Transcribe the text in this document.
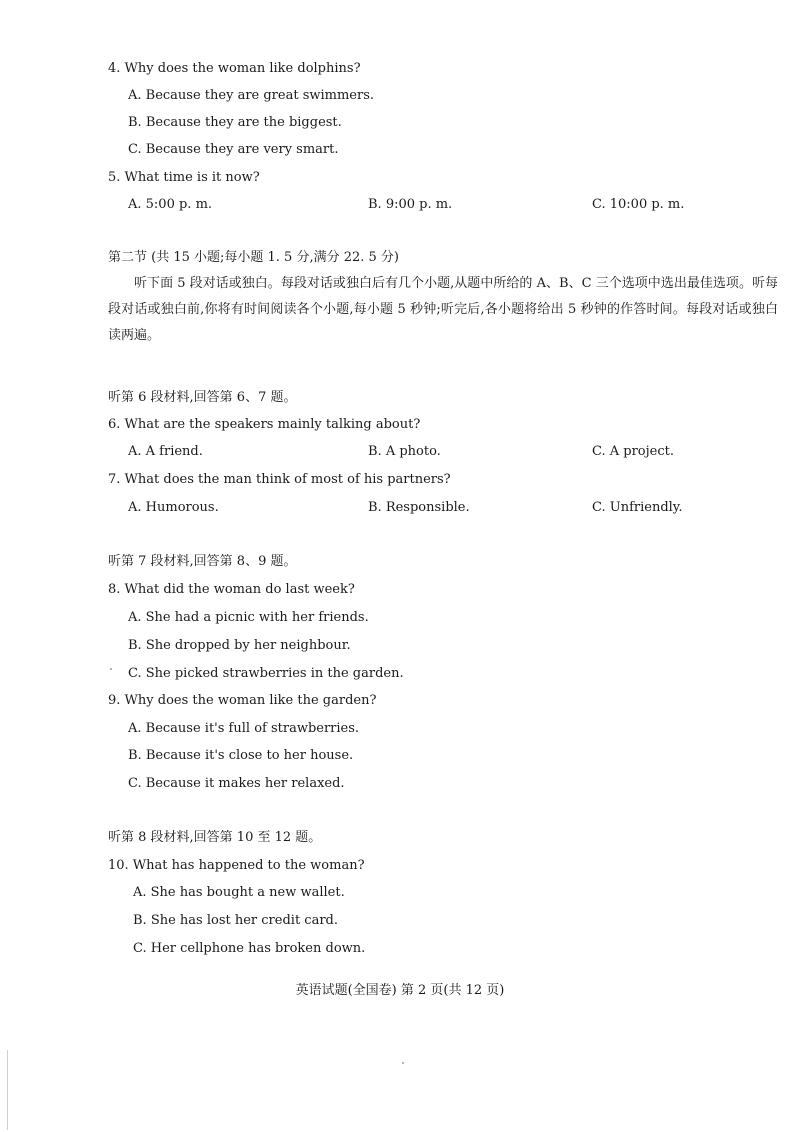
4. Why does the woman like dolphins?
A. Because they are great swimmers.
B. Because they are the biggest.
C. Because they are very smart.
5. What time is it now?
A. 5:00 p. m.	B. 9:00 p. m.	C. 10:00 p. m.
第二节 (共 15 小题;每小题 1. 5 分,满分 22. 5 分)
听下面 5 段对话或独白。每段对话或独白后有几个小题,从题中所给的 A、B、C 三个选项中选出最佳选项。听每段对话或独白前,你将有时间阅读各个小题,每小题 5 秒钟;听完后,各小题将给出 5 秒钟的作答时间。每段对话或独白读两遍。
听第 6 段材料,回答第 6、7 题。
6. What are the speakers mainly talking about?
A. A friend.	B. A photo.	C. A project.
7. What does the man think of most of his partners?
A. Humorous.	B. Responsible.	C. Unfriendly.
听第 7 段材料,回答第 8、9 题。
8. What did the woman do last week?
A. She had a picnic with her friends.
B. She dropped by her neighbour.
C. She picked strawberries in the garden.
9. Why does the woman like the garden?
A. Because it's full of strawberries.
B. Because it's close to her house.
C. Because it makes her relaxed.
听第 8 段材料,回答第 10 至 12 题。
10. What has happened to the woman?
A. She has bought a new wallet.
B. She has lost her credit card.
C. Her cellphone has broken down.
英语试题(全国卷) 第 2 页(共 12 页)
